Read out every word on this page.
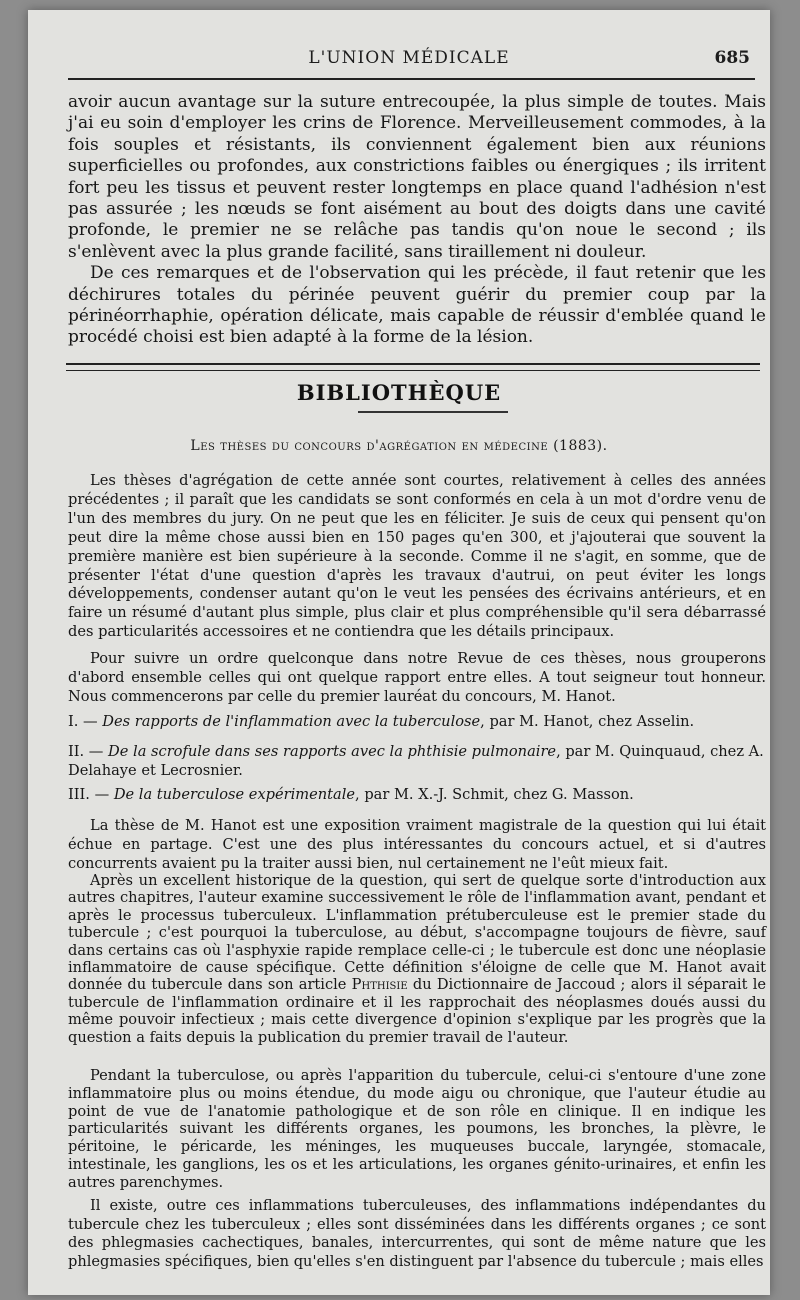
L'UNION MÉDICALE	685
avoir aucun avantage sur la suture entrecoupée, la plus simple de toutes. Mais j'ai eu soin d'employer les crins de Florence. Merveilleusement commodes, à la fois souples et résistants, ils conviennent également bien aux réunions superficielles ou profondes, aux constrictions faibles ou énergiques ; ils irritent fort peu les tissus et peuvent rester longtemps en place quand l'adhésion n'est pas assurée ; les nœuds se font aisément au bout des doigts dans une cavité profonde, le premier ne se relâche pas tandis qu'on noue le second ; ils s'enlèvent avec la plus grande facilité, sans tiraillement ni douleur.
De ces remarques et de l'observation qui les précède, il faut retenir que les déchirures totales du périnée peuvent guérir du premier coup par la périnéorrhaphie, opération délicate, mais capable de réussir d'emblée quand le procédé choisi est bien adapté à la forme de la lésion.
BIBLIOTHÈQUE
Les thèses du concours d'agrégation en médecine (1883).

Les thèses d'agrégation de cette année sont courtes, relativement à celles des années précédentes ; il paraît que les candidats se sont conformés en cela à un mot d'ordre venu de l'un des membres du jury. On ne peut que les en féliciter. Je suis de ceux qui pensent qu'on peut dire la même chose aussi bien en 150 pages qu'en 300, et j'ajouterai que souvent la première manière est bien supérieure à la seconde. Comme il ne s'agit, en somme, que de présenter l'état d'une question d'après les travaux d'autrui, on peut éviter les longs développements, condenser autant qu'on le veut les pensées des écrivains antérieurs, et en faire un résumé d'autant plus simple, plus clair et plus compréhensible qu'il sera débarrassé des particularités accessoires et ne contiendra que les détails principaux.

Pour suivre un ordre quelconque dans notre Revue de ces thèses, nous grouperons d'abord ensemble celles qui ont quelque rapport entre elles. A tout seigneur tout honneur. Nous commencerons par celle du premier lauréat du concours, M. Hanot.

I. — Des rapports de l'inflammation avec la tuberculose, par M. Hanot, chez Asselin.
II. — De la scrofule dans ses rapports avec la phthisie pulmonaire, par M. Quinquaud, chez A. Delahaye et Lecrosnier.
III. — De la tuberculose expérimentale, par M. X.-J. Schmit, chez G. Masson.

La thèse de M. Hanot est une exposition vraiment magistrale de la question qui lui était échue en partage. C'est une des plus intéressantes du concours actuel, et si d'autres concurrents avaient pu la traiter aussi bien, nul certainement ne l'eût mieux fait.

Après un excellent historique de la question, qui sert de quelque sorte d'introduction aux autres chapitres, l'auteur examine successivement le rôle de l'inflammation avant, pendant et après le processus tuberculeux. L'inflammation prétuberculeuse est le premier stade du tubercule ; c'est pourquoi la tuberculose, au début, s'accompagne toujours de fièvre, sauf dans certains cas où l'asphyxie rapide remplace celle-ci ; le tubercule est donc une néoplasie inflammatoire de cause spécifique. Cette définition s'éloigne de celle que M. Hanot avait donnée du tubercule dans son article Phthisie du Dictionnaire de Jaccoud ; alors il séparait le tubercule de l'inflammation ordinaire et il les rapprochait des néoplasmes doués aussi du même pouvoir infectieux ; mais cette divergence d'opinion s'explique par les progrès que la question a faits depuis la publication du premier travail de l'auteur.

Pendant la tuberculose, ou après l'apparition du tubercule, celui-ci s'entoure d'une zone inflammatoire plus ou moins étendue, du mode aigu ou chronique, que l'auteur étudie au point de vue de l'anatomie pathologique et de son rôle en clinique. Il en indique les particularités suivant les différents organes, les poumons, les bronches, la plèvre, le péritoine, le péricarde, les méninges, les muqueuses buccale, laryngée, stomacale, intestinale, les ganglions, les os et les articulations, les organes génito-urinaires, et enfin les autres parenchymes.

Il existe, outre ces inflammations tuberculeuses, des inflammations indépendantes du tubercule chez les tuberculeux ; elles sont disséminées dans les différents organes ; ce sont des phlegmasies cachectiques, banales, intercurrentes, qui sont de même nature que les phlegmasies spécifiques, bien qu'elles s'en distinguent par l'absence du tubercule ; mais elles
